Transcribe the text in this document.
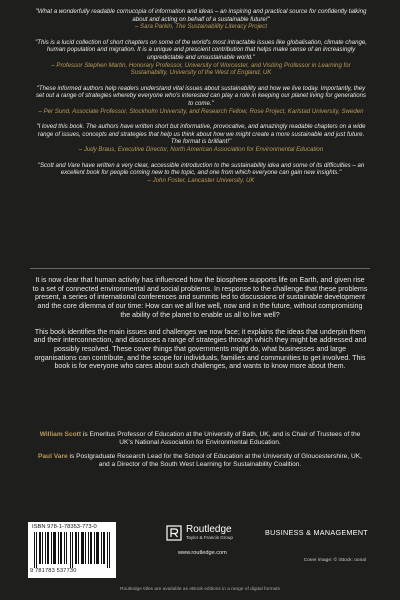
"What a wonderfully readable cornucopia of information and ideas – an inspiring and practical source for confidently talking about and acting on behalf of a sustainable future!"
– Sara Parkin, The Sustainability Literacy Project
"This is a lucid collection of short chapters on some of the world's most intractable issues like globalisation, climate change, human population and migration. It is a unique and prescient contribution that helps make sense of an increasingly unpredictable and unsustainable world."
– Professor Stephen Martin, Honorary Professor, University of Worcester, and Visiting Professor in Learning for Sustainability, University of the West of England, UK
"These informed authors help readers understand vital issues about sustainability and how we live today. Importantly, they set out a range of strategies whereby everyone who's interested can play a role in keeping our planet living for generations to come."
– Per Sund, Associate Professor, Stockholm University, and Research Fellow, Rose Project, Karlstad University, Sweden
"I loved this book. The authors have written short but informative, provocative, and amazingly readable chapters on a wide range of issues, concepts and strategies that help us think about how we might create a more sustainable and just future. The format is brilliant!"
– Judy Braus, Executive Director, North American Association for Environmental Education
"Scott and Vare have written a very clear, accessible introduction to the sustainability idea and some of its difficulties – an excellent book for people coming new to the topic, and one from which everyone can gain new insights."
– John Foster, Lancaster University, UK

It is now clear that human activity has influenced how the biosphere supports life on Earth, and given rise to a set of connected environmental and social problems. In response to the challenge that these problems present, a series of international conferences and summits led to discussions of sustainable development and the core dilemma of our time: How can we all live well, now and in the future, without compromising the ability of the planet to enable us all to live well?

This book identifies the main issues and challenges we now face; it explains the ideas that underpin them and their interconnection, and discusses a range of strategies through which they might be addressed and possibly resolved. These cover things that governments might do, what businesses and large organisations can contribute, and the scope for individuals, families and communities to get involved. This book is for everyone who cares about such challenges, and wants to know more about them.

William Scott is Emeritus Professor of Education at the University of Bath, UK, and is Chair of Trustees of the UK's National Association for Environmental Education.

Paul Vare is Postgraduate Research Lead for the School of Education at the University of Gloucestershire, UK, and a Director of the South West Learning for Sustainability Coalition.

ISBN 978-1-78353-773-0
9 781783 537730
Routledge
Taylor & Francis Group
www.routledge.com
BUSINESS & MANAGEMENT
Cover image: © iStock: oonal
Routledge titles are available as eBook editions in a range of digital formats
